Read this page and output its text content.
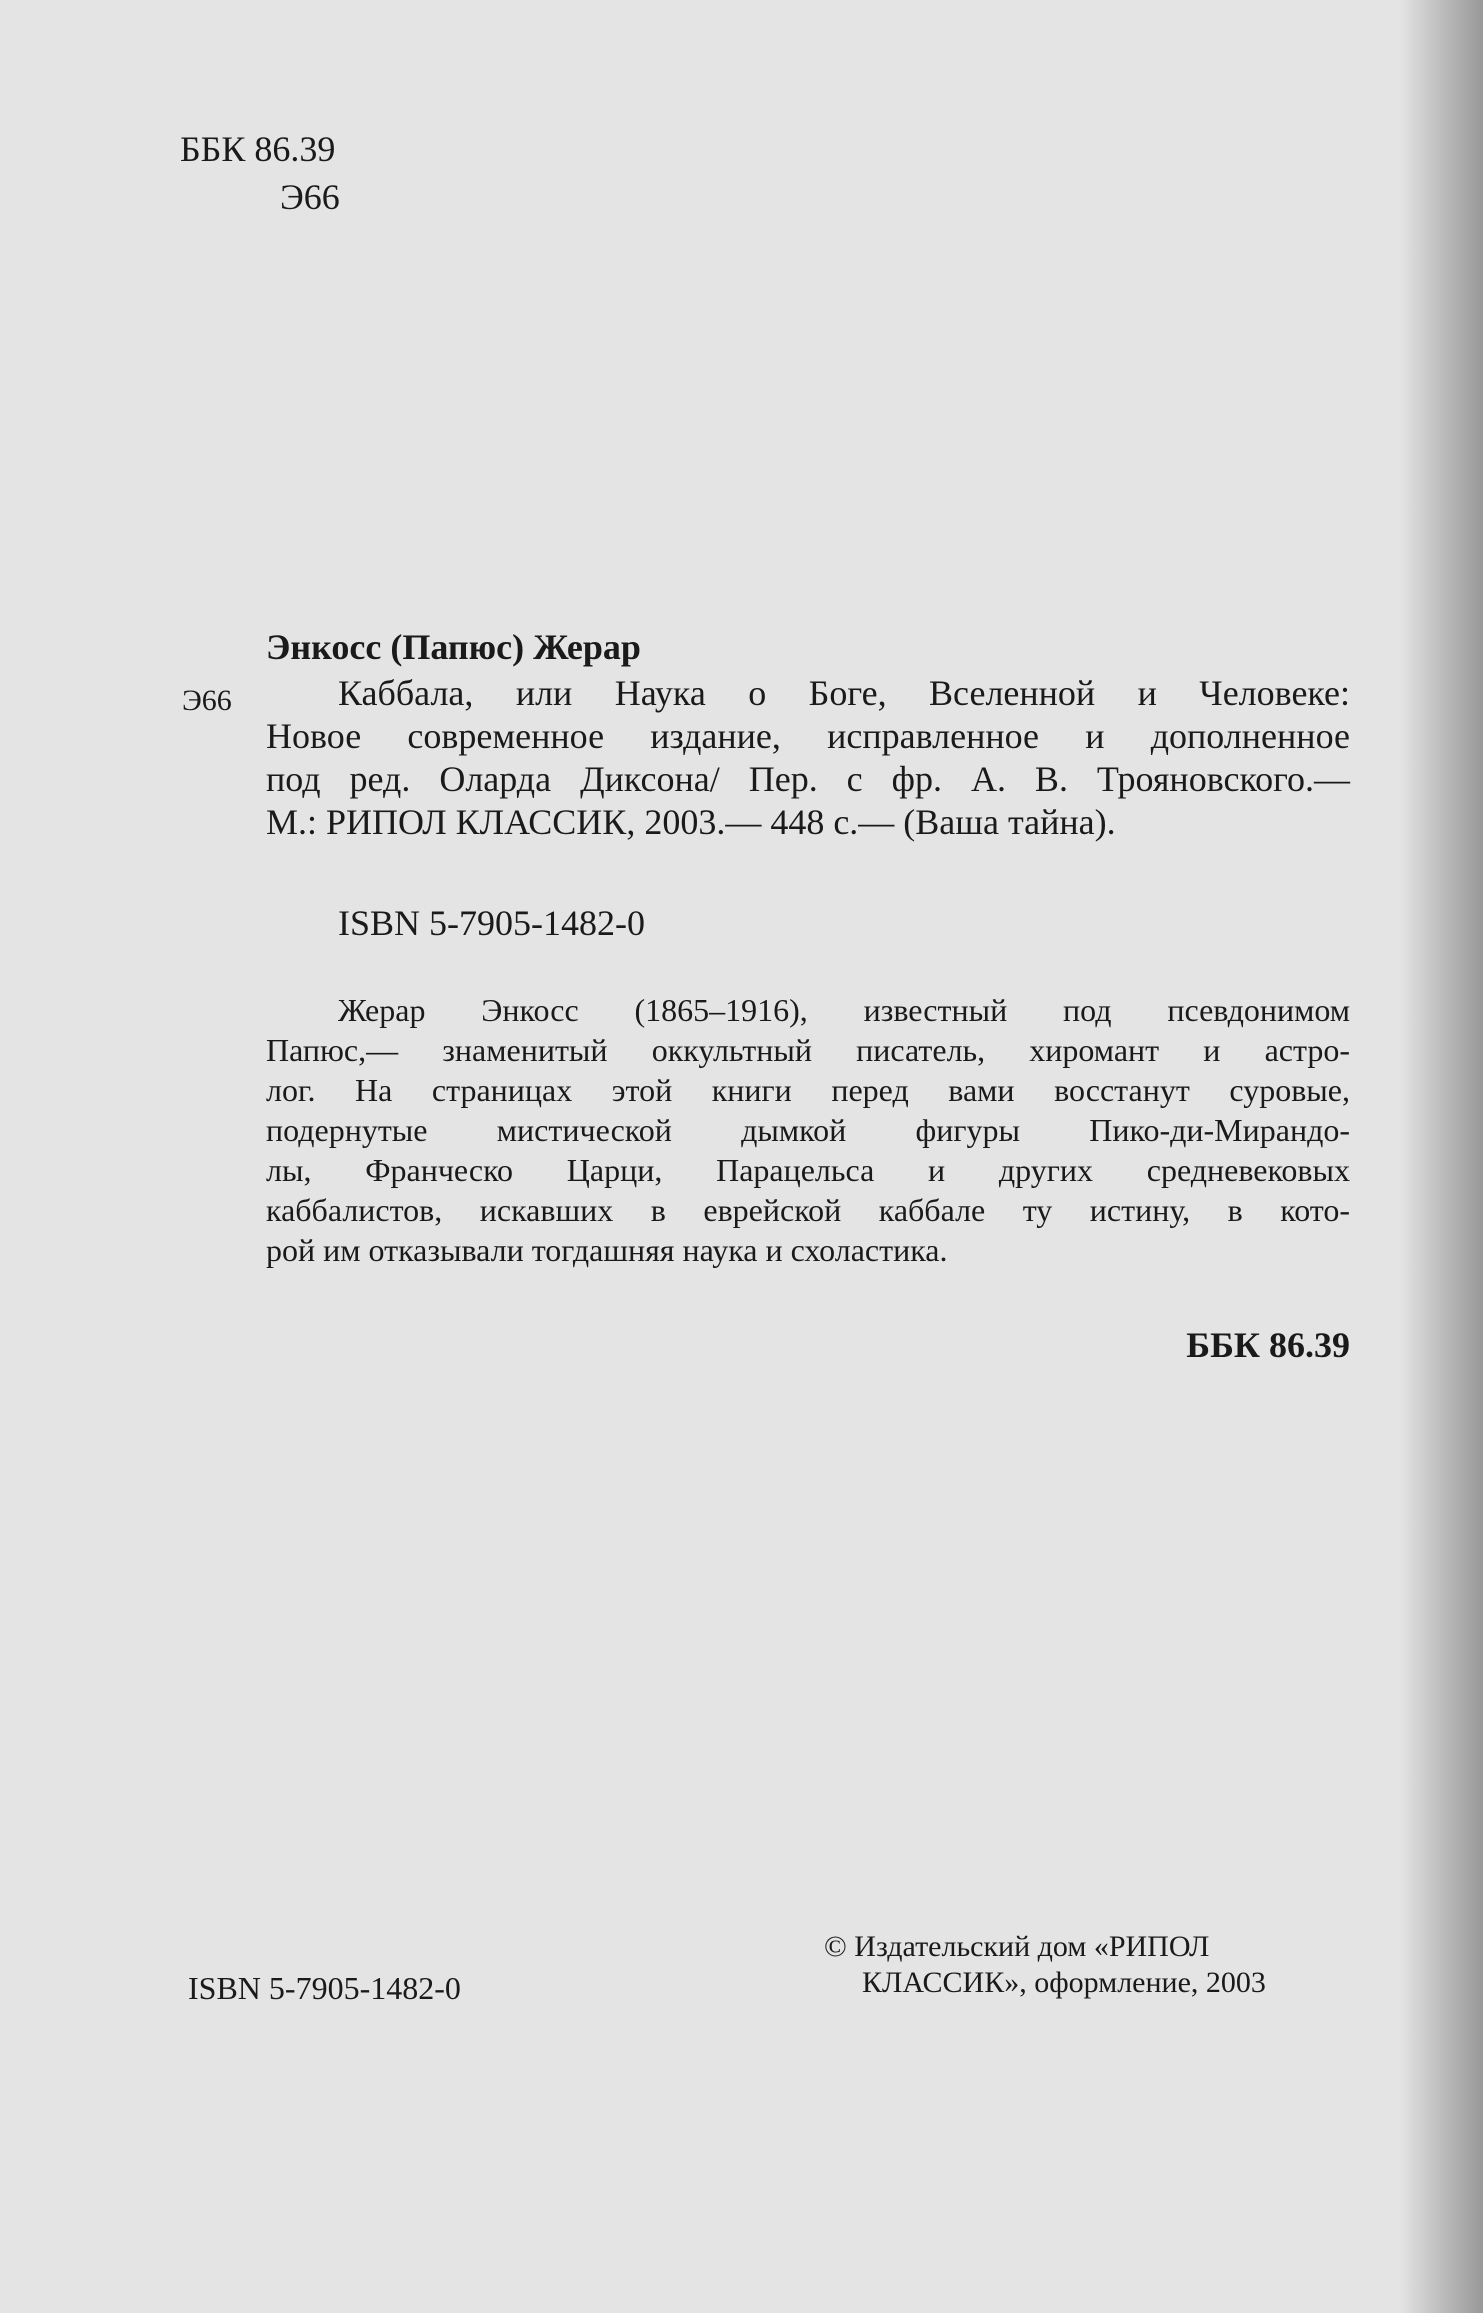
ББК 86.39
Э66
Энкосс (Папюс) Жерар
Э66	Каббала, или Наука о Боге, Вселенной и Человеке:
Новое современное издание, исправленное и дополненное
под ред. Оларда Диксона/ Пер. с фр. А. В. Трояновского.—
М.: РИПОЛ КЛАССИК, 2003.— 448 с.— (Ваша тайна).
ISBN 5-7905-1482-0
Жерар Энкосс (1865–1916), известный под псевдонимом
Папюс,— знаменитый оккультный писатель, хиромант и астро-
лог. На страницах этой книги перед вами восстанут суровые,
подернутые мистической дымкой фигуры Пико-ди-Мирандо-
лы, Франческо Царци, Парацельса и других средневековых
каббалистов, искавших в еврейской каббале ту истину, в кото-
рой им отказывали тогдашняя наука и схоластика.
ББК 86.39
ISBN 5-7905-1482-0
© Издательский дом «РИПОЛ
КЛАССИК», оформление, 2003
